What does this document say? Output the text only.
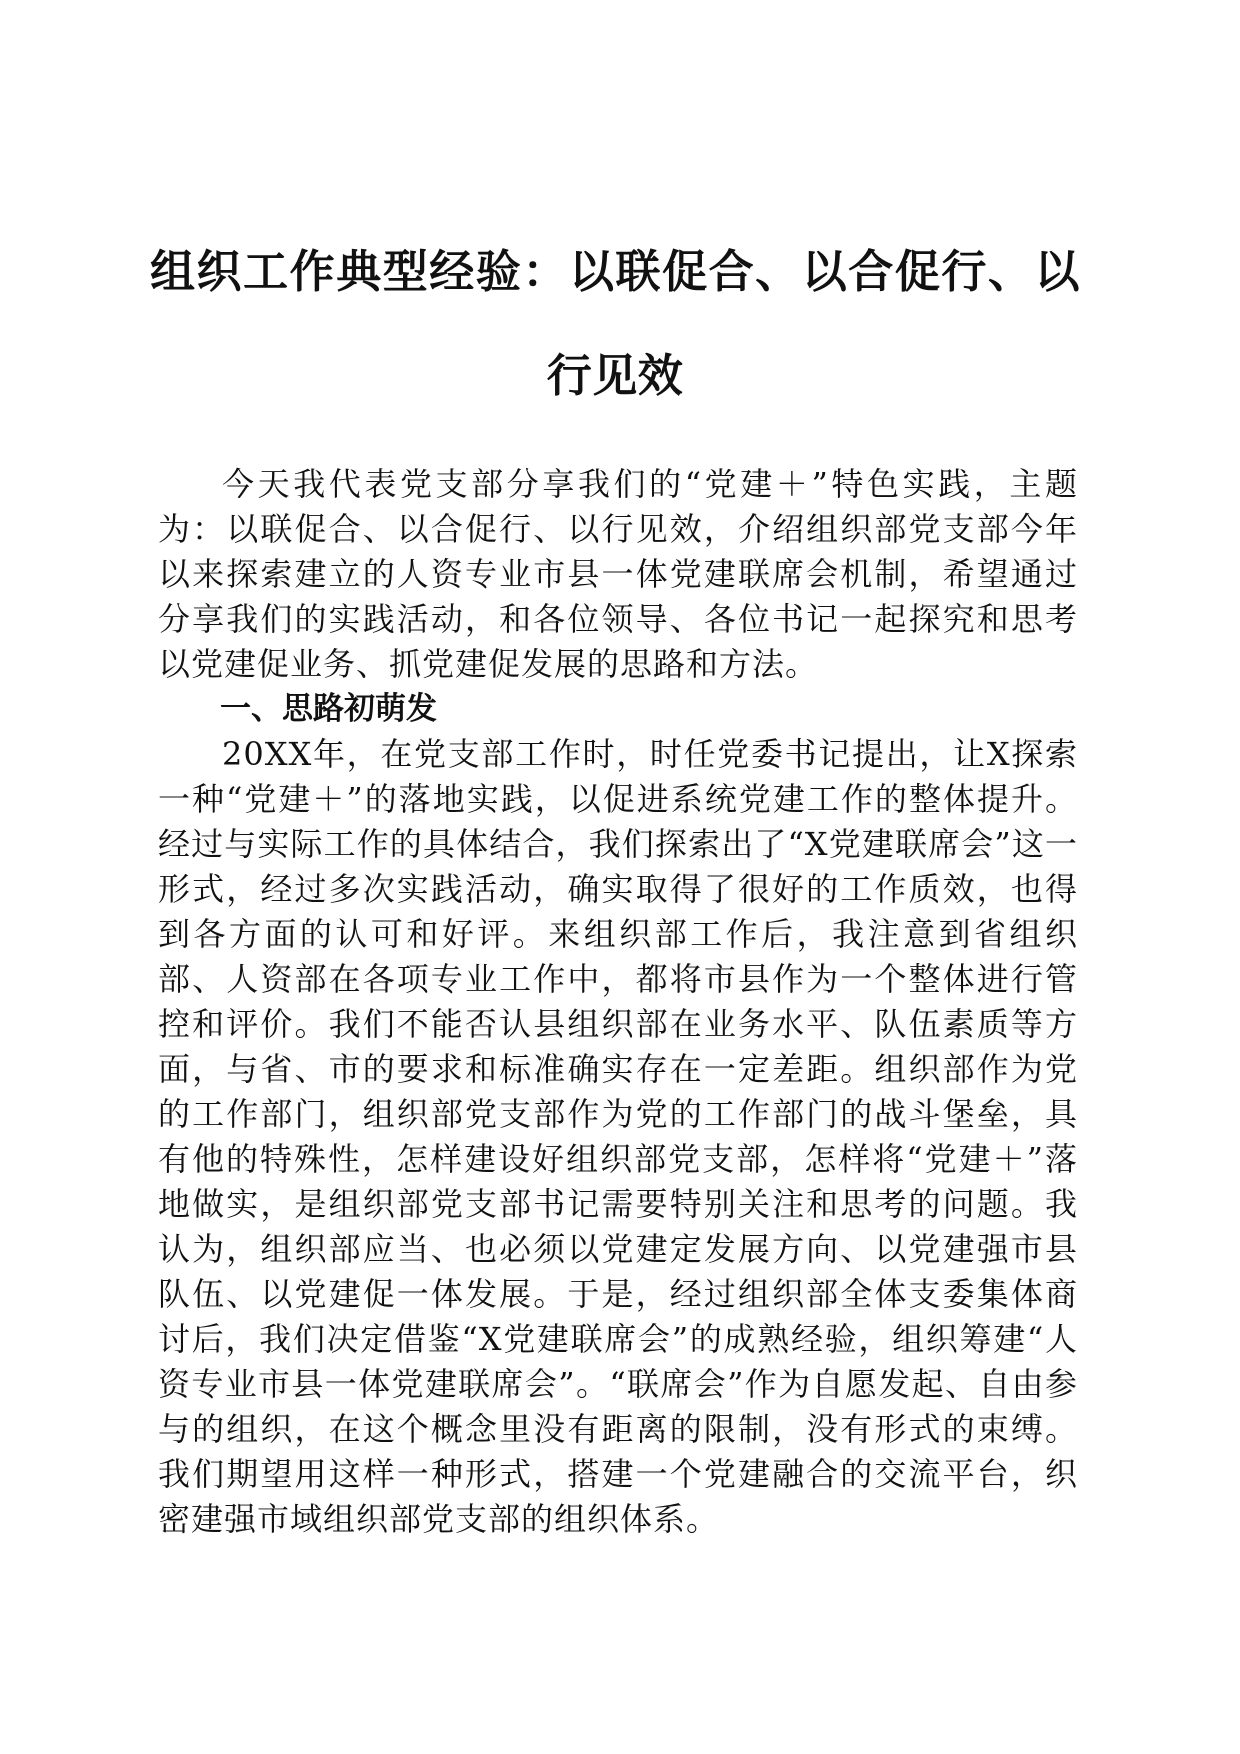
组织工作典型经验：以联促合、以合促行、以行见效

今天我代表党支部分享我们的“党建＋”特色实践，主题为：以联促合、以合促行、以行见效，介绍组织部党支部今年以来探索建立的人资专业市县一体党建联席会机制，希望通过分享我们的实践活动，和各位领导、各位书记一起探究和思考以党建促业务、抓党建促发展的思路和方法。

一、思路初萌发

20XX年，在党支部工作时，时任党委书记提出，让X探索一种“党建＋”的落地实践，以促进系统党建工作的整体提升。经过与实际工作的具体结合，我们探索出了“X党建联席会”这一形式，经过多次实践活动，确实取得了很好的工作质效，也得到各方面的认可和好评。来组织部工作后，我注意到省组织部、人资部在各项专业工作中，都将市县作为一个整体进行管控和评价。我们不能否认县组织部在业务水平、队伍素质等方面，与省、市的要求和标准确实存在一定差距。组织部作为党的工作部门，组织部党支部作为党的工作部门的战斗堡垒，具有他的特殊性，怎样建设好组织部党支部，怎样将“党建＋”落地做实，是组织部党支部书记需要特别关注和思考的问题。我认为，组织部应当、也必须以党建定发展方向、以党建强市县队伍、以党建促一体发展。于是，经过组织部全体支委集体商讨后，我们决定借鉴“X党建联席会”的成熟经验，组织筹建“人资专业市县一体党建联席会”。“联席会”作为自愿发起、自由参与的组织，在这个概念里没有距离的限制，没有形式的束缚。我们期望用这样一种形式，搭建一个党建融合的交流平台，织密建强市域组织部党支部的组织体系。
